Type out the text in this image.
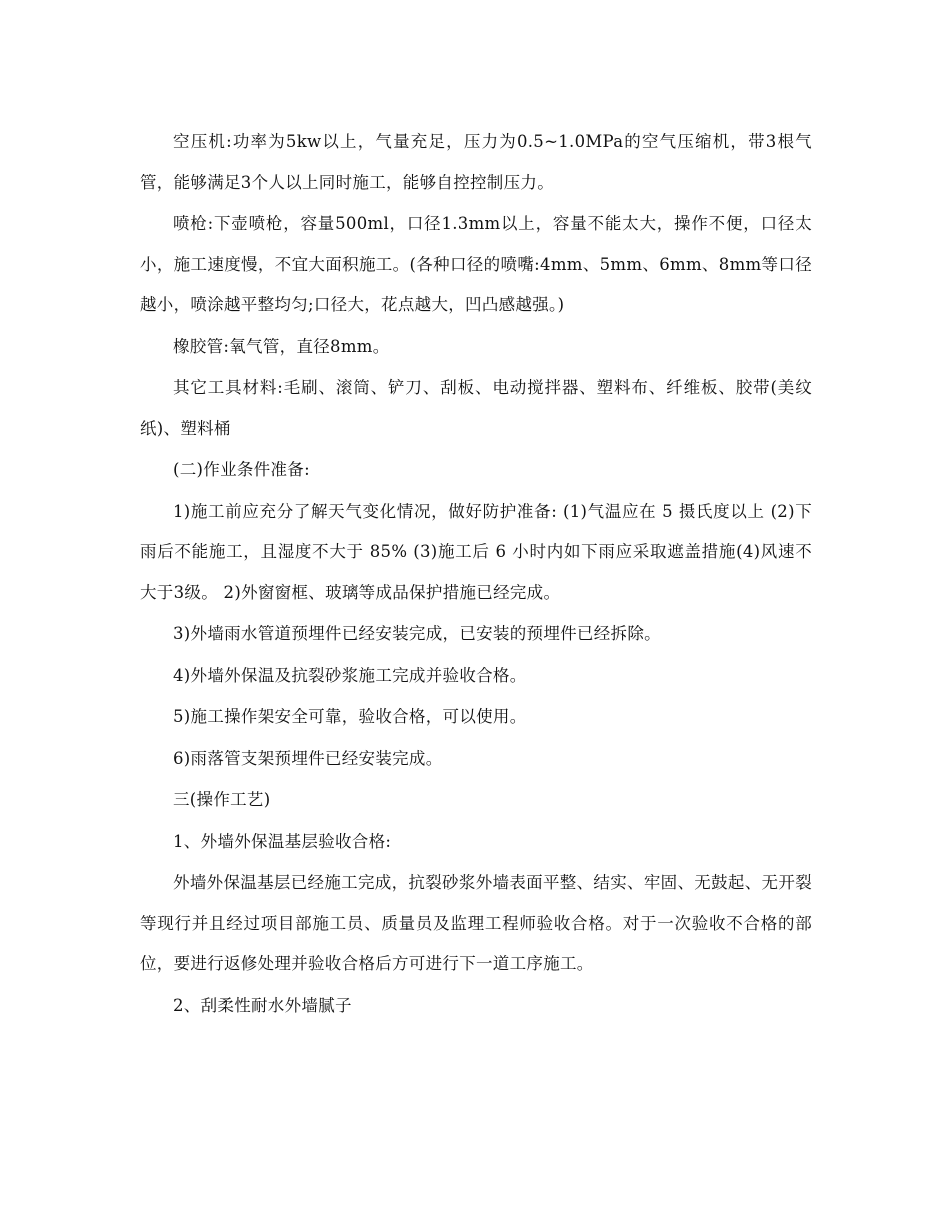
空压机:功率为5kw以上，气量充足，压力为0.5~1.0MPa的空气压缩机，带3根气管，能够满足3个人以上同时施工，能够自控控制压力。

喷枪:下壶喷枪，容量500ml，口径1.3mm以上，容量不能太大，操作不便，口径太小，施工速度慢，不宜大面积施工。(各种口径的喷嘴:4mm、5mm、6mm、8mm等口径越小，喷涂越平整均匀;口径大，花点越大，凹凸感越强。)

橡胶管:氧气管，直径8mm。

其它工具材料:毛刷、滚筒、铲刀、刮板、电动搅拌器、塑料布、纤维板、胶带(美纹纸)、塑料桶

(二)作业条件准备:

1)施工前应充分了解天气变化情况，做好防护准备: (1)气温应在 5 摄氏度以上 (2)下雨后不能施工，且湿度不大于 85% (3)施工后 6 小时内如下雨应采取遮盖措施(4)风速不大于3级。 2)外窗窗框、玻璃等成品保护措施已经完成。

3)外墙雨水管道预埋件已经安装完成，已安装的预埋件已经拆除。

4)外墙外保温及抗裂砂浆施工完成并验收合格。

5)施工操作架安全可靠，验收合格，可以使用。

6)雨落管支架预埋件已经安装完成。

三(操作工艺)

1、外墙外保温基层验收合格:

外墙外保温基层已经施工完成，抗裂砂浆外墙表面平整、结实、牢固、无鼓起、无开裂等现行并且经过项目部施工员、质量员及监理工程师验收合格。对于一次验收不合格的部位，要进行返修处理并验收合格后方可进行下一道工序施工。

2、刮柔性耐水外墙腻子
